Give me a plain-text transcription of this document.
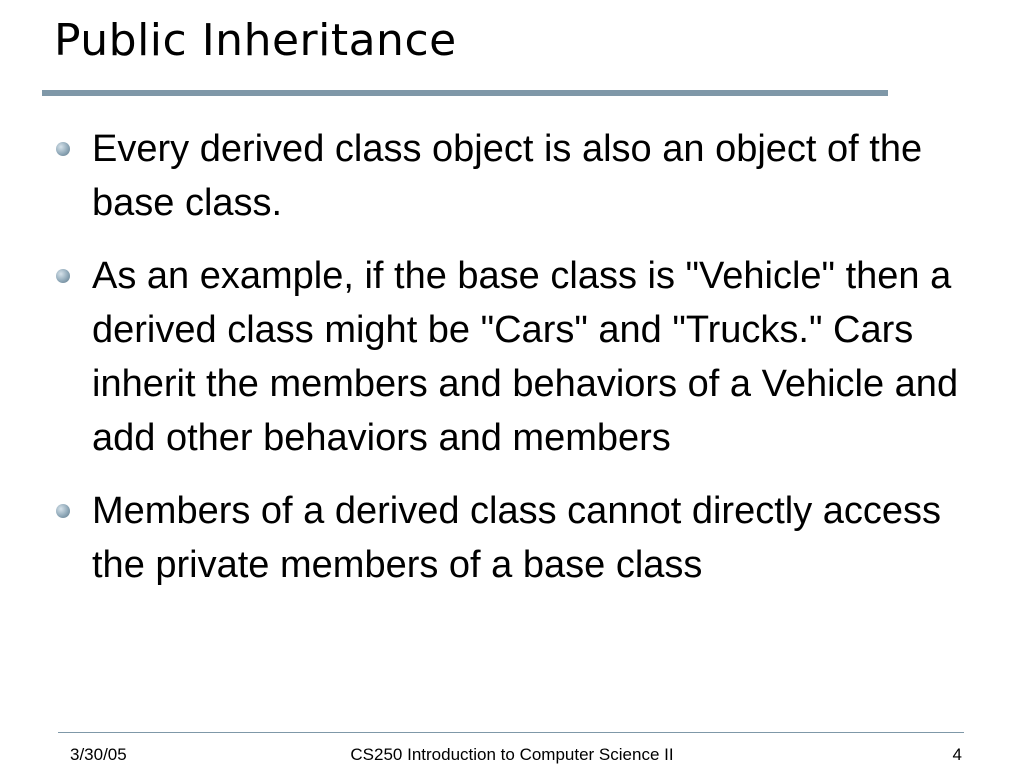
Public Inheritance
Every derived class object is also an object of the base class.
As an example, if the base class is "Vehicle" then a derived class might be "Cars" and "Trucks." Cars inherit the members and behaviors of a Vehicle and add other behaviors and members
Members of a derived class cannot directly access the private members of a base class
3/30/05	CS250 Introduction to Computer Science II	4
